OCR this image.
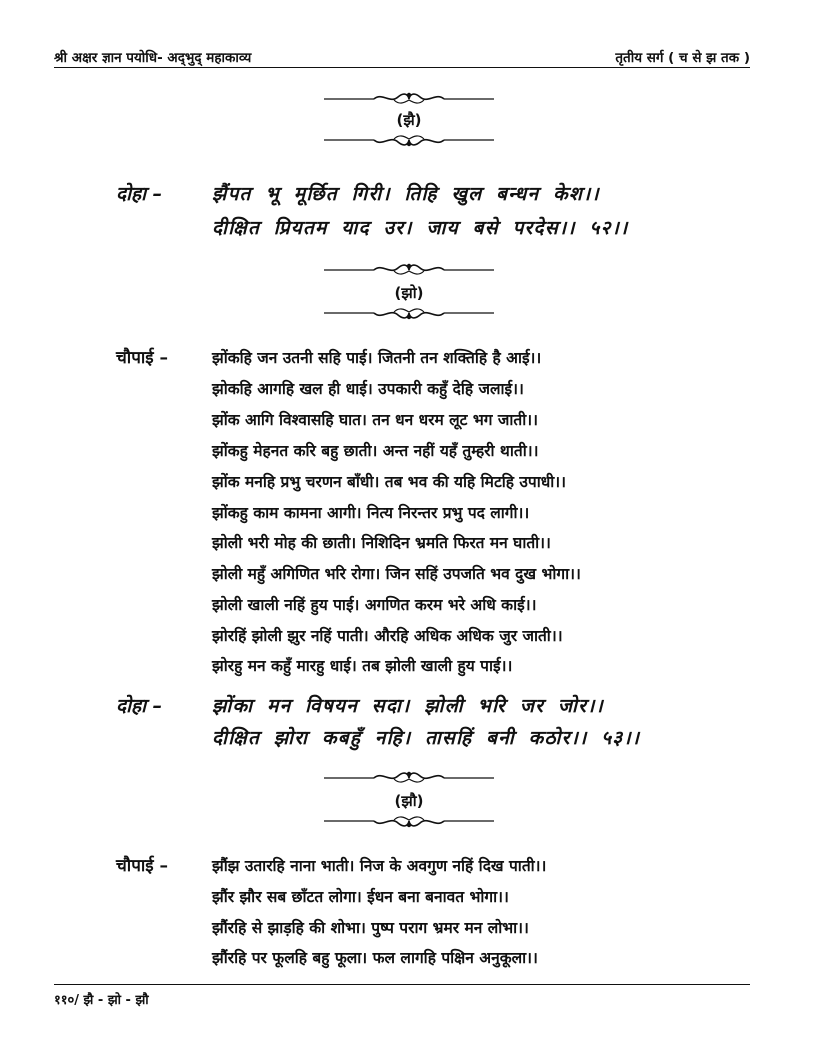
श्री अक्षर ज्ञान पयोधि- अद्‌भुद् महाकाव्य	तृतीय सर्ग ( च से झ तक )
(झै)
दोहा –	झैंपत भू मूर्छित गिरी। तिहि खुल बन्धन केश।।
दीक्षित प्रियतम याद उर। जाय बसे परदेस।। ५२।।
(झो)
चौपाई –	झोंकहि जन उतनी सहि पाई। जितनी तन शक्तिहि है आई।।
झोकहि आगहि खल ही धाई। उपकारी कहुँ देहि जलाई।।
झोंक आगि विश्वासहि घात। तन धन धरम लूट भग जाती।।
झोंकहु मेहनत करि बहु छाती। अन्त नहीं यहँ तुम्हरी थाती।।
झोंक मनहि प्रभु चरणन बाँधी। तब भव की यहि मिटहि उपाधी।।
झोंकहु काम कामना आगी। नित्य निरन्तर प्रभु पद लागी।।
झोली भरी मोह की छाती। निशिदिन भ्रमति फिरत मन घाती।।
झोली महुँ अगिणित भरि रोगा। जिन सहिं उपजति भव दुख भोगा।।
झोली खाली नहिं हुय पाई। अगणित करम भरे अधि काई।।
झोरहिं झोली झुर नहिं पाती। औरहि अधिक अधिक जुर जाती।।
झोरहु मन कहुँ मारहु धाई। तब झोली खाली हुय पाई।।
दोहा –	झोंका मन विषयन सदा। झोली भरि जर जोर।।
दीक्षित झोरा कबहुँ नहि। तासहिं बनी कठोर।। ५३।।
(झौ)
चौपाई –	झौंझ उतारहि नाना भाती। निज के अवगुण नहिं दिख पाती।।
झौंर झौर सब छाँटत लोगा। ईधन बना बनावत भोगा।।
झौंरहि से झाड़हि की शोभा। पुष्प पराग भ्रमर मन लोभा।।
झौंरहि पर फूलहि बहु फूला। फल लागहि पक्षिन अनुकूला।।
११०/ झै - झो - झौ
